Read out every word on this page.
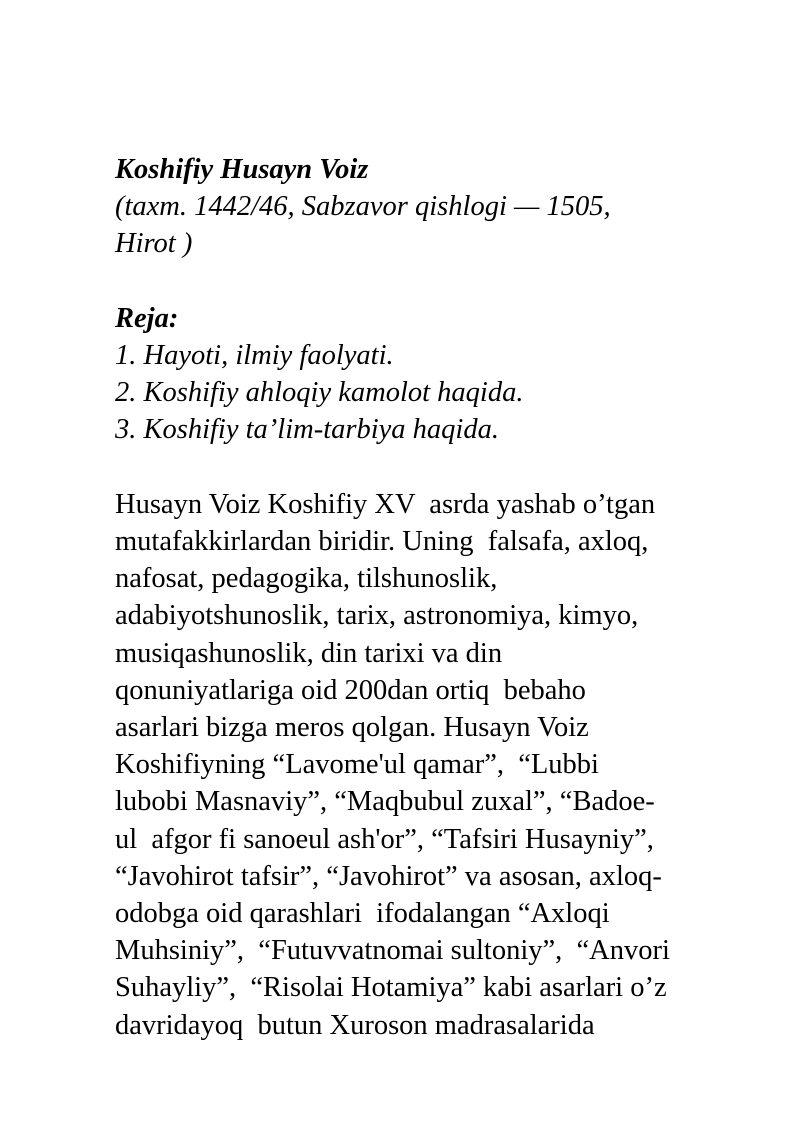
Koshifiy Husayn Voiz

(taxm. 1442/46, Sabzavor qishlogi — 1505,
Hirot )

Reja:

1. Hayoti, ilmiy faolyati.
2. Koshifiy ahloqiy kamolot haqida.
3. Koshifiy ta’lim-tarbiya haqida.

Husayn Voiz Koshifiy XV  asrda yashab o’tgan
mutafakkirlardan biridir. Uning  falsafa, axloq,
nafosat, pedagogika, tilshunoslik,
adabiyotshunoslik, tarix, astronomiya, kimyo,
musiqashunoslik, din tarixi va din
qonuniyatlariga oid 200dan ortiq  bebaho
asarlari bizga meros qolgan. Husayn Voiz
Koshifiyning “Lavome'ul qamar”,  “Lubbi
lubobi Masnaviy”, “Maqbubul zuxal”, “Badoe-
ul  afgor fi sanoeul ash'or”, “Tafsiri Husayniy”,
“Javohirot tafsir”, “Javohirot” va asosan, axloq-
odobga oid qarashlari  ifodalangan “Axloqi
Muhsiniy”,  “Futuvvatnomai sultoniy”,  “Anvori
Suhayliy”,  “Risolai Hotamiya” kabi asarlari o’z
davridayoq  butun Xuroson madrasalarida
